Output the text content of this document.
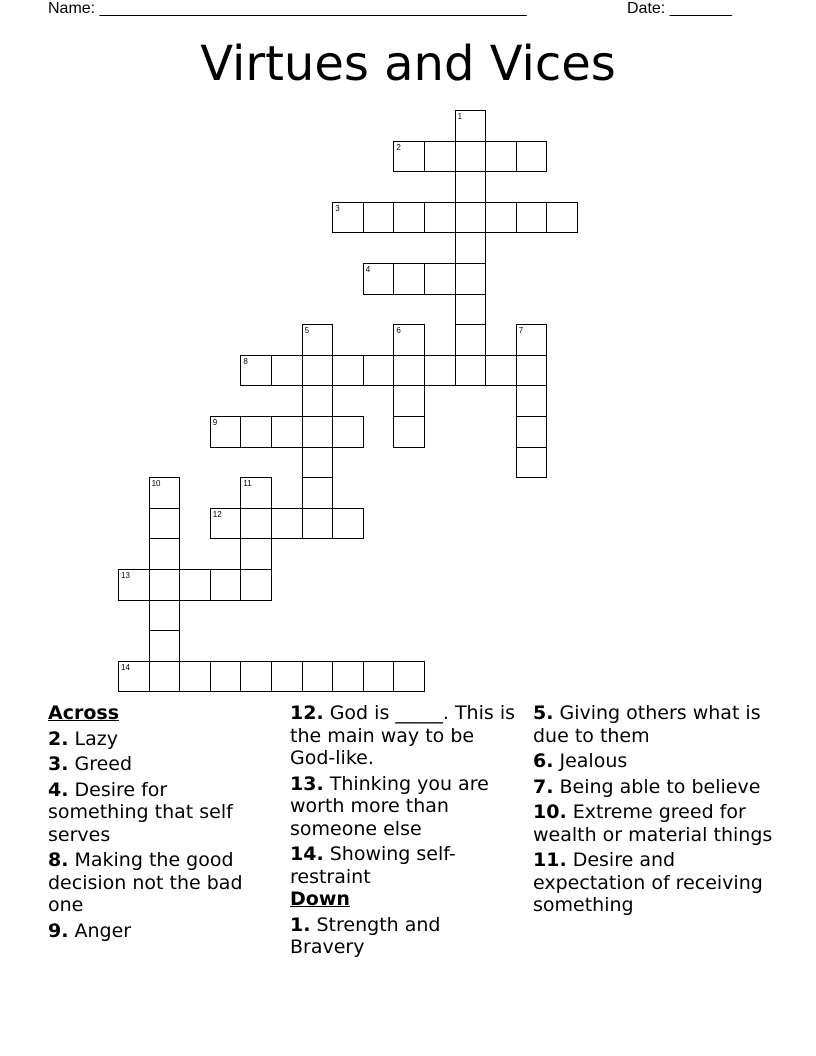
Name: ________________________________________________	Date: _______
Virtues and Vices
1
2
3
4
5	6	7
8
9
10	11
12
13
14
Across
2. Lazy
3. Greed
4. Desire for something that self serves
8. Making the good decision not the bad one
9. Anger
12. God is _____. This is the main way to be God-like.
13. Thinking you are worth more than someone else
14. Showing self-restraint
Down
1. Strength and Bravery
5. Giving others what is due to them
6. Jealous
7. Being able to believe
10. Extreme greed for wealth or material things
11. Desire and expectation of receiving something
